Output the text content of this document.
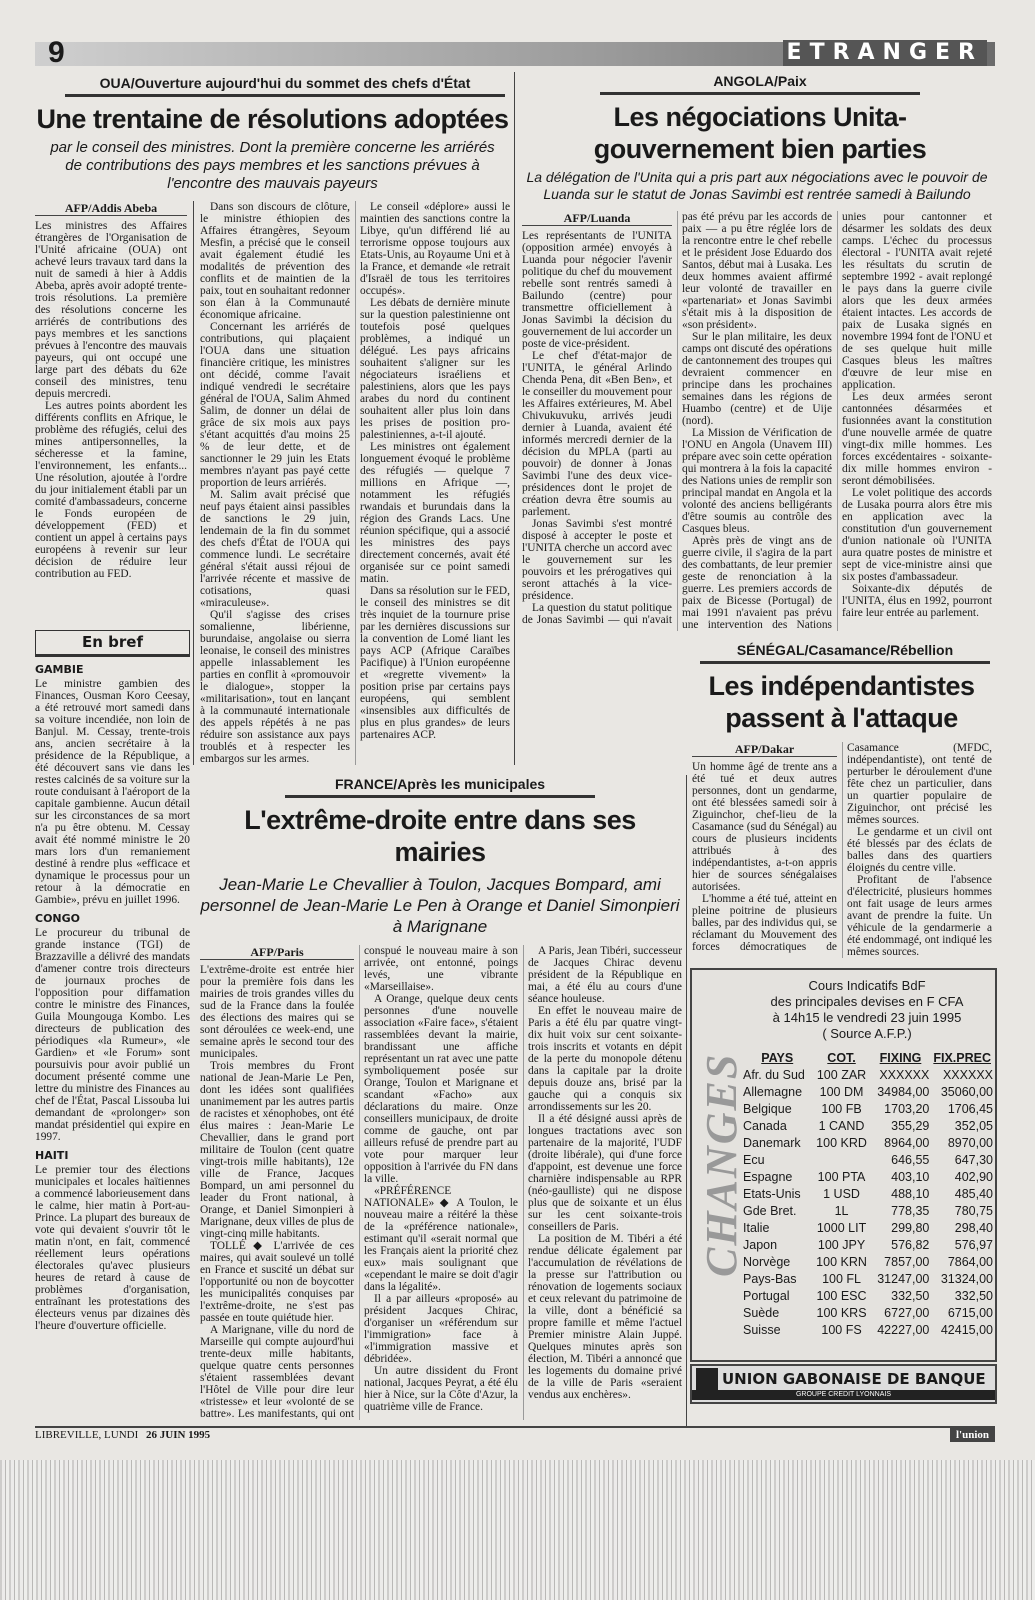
9	ETRANGER
OUA/Ouverture aujourd'hui du sommet des chefs d'État
Une trentaine de résolutions adoptées
par le conseil des ministres. Dont la première concerne les arriérés de contributions des pays membres et les sanctions prévues à l'encontre des mauvais payeurs
AFP/Addis Abeba

Les ministres des Affaires étrangères de l'Organisation de l'Unité africaine (OUA) ont achevé leurs travaux tard dans la nuit de samedi à hier à Addis Abeba, après avoir adopté trente-trois résolutions. La première des résolutions concerne les arriérés de contributions des pays membres et les sanctions prévues à l'encontre des mauvais payeurs, qui ont occupé une large part des débats du 62e conseil des ministres, tenu depuis mercredi.

Les autres points abordent les différents conflits en Afrique, le problème des réfugiés, celui des mines antipersonnelles, la sécheresse et la famine, l'environnement, les enfants... Une résolution, ajoutée à l'ordre du jour initialement établi par un comité d'ambassadeurs, concerne le Fonds européen de développement (FED) et contient un appel à certains pays européens à revenir sur leur décision de réduire leur contribution au FED.

Dans son discours de clôture, le ministre éthiopien des Affaires étrangères, Seyoum Mesfin, a précisé que le conseil avait également étudié les modalités de prévention des conflits et de maintien de la paix, tout en souhaitant redonner son élan à la Communauté économique africaine.

Concernant les arriérés de contributions, qui plaçaient l'OUA dans une situation financière critique, les ministres ont décidé, comme l'avait indiqué vendredi le secrétaire général de l'OUA, Salim Ahmed Salim, de donner un délai de grâce de six mois aux pays s'étant acquittés d'au moins 25 % de leur dette, et de sanctionner le 29 juin les Etats membres n'ayant pas payé cette proportion de leurs arriérés.

M. Salim avait précisé que neuf pays étaient ainsi passibles de sanctions le 29 juin, lendemain de la fin du sommet des chefs d'État de l'OUA qui commence lundi. Le secrétaire général s'était aussi réjoui de l'arrivée récente et massive de cotisations, quasi «miraculeuse».

Qu'il s'agisse des crises somalienne, libérienne, burundaise, angolaise ou sierra leonaise, le conseil des ministres appelle inlassablement les parties en conflit à «promouvoir le dialogue», stopper la «militarisation», tout en lançant à la communauté internationale des appels répétés à ne pas réduire son assistance aux pays troublés et à respecter les embargos sur les armes.

Le conseil «déplore» aussi le maintien des sanctions contre la Libye, qu'un différend lié au terrorisme oppose toujours aux Etats-Unis, au Royaume Uni et à la France, et demande «le retrait d'Israël de tous les territoires occupés».

Les débats de dernière minute sur la question palestinienne ont toutefois posé quelques problèmes, a indiqué un délégué. Les pays africains souhaitent s'aligner sur les négociateurs israéliens et palestiniens, alors que les pays arabes du nord du continent souhaitent aller plus loin dans les prises de position pro-palestiniennes, a-t-il ajouté.

Les ministres ont également longuement évoqué le problème des réfugiés — quelque 7 millions en Afrique —, notamment les réfugiés rwandais et burundais dans la région des Grands Lacs. Une réunion spécifique, qui a associé les ministres des pays directement concernés, avait été organisée sur ce point samedi matin.

Dans sa résolution sur le FED, le conseil des ministres se dit très inquiet de la tournure prise par les dernières discussions sur la convention de Lomé liant les pays ACP (Afrique Caraïbes Pacifique) à l'Union européenne et «regrette vivement» la position prise par certains pays européens, qui semblent «insensibles aux difficultés de plus en plus grandes» de leurs partenaires ACP.

En bref
GAMBIE

Le ministre gambien des Finances, Ousman Koro Ceesay, a été retrouvé mort samedi dans sa voiture incendiée, non loin de Banjul. M. Cessay, trente-trois ans, ancien secrétaire à la présidence de la République, a été découvert sans vie dans les restes calcinés de sa voiture sur la route conduisant à l'aéroport de la capitale gambienne. Aucun détail sur les circonstances de sa mort n'a pu être obtenu. M. Cessay avait été nommé ministre le 20 mars lors d'un remaniement destiné à rendre plus «efficace et dynamique le processus pour un retour à la démocratie en Gambie», prévu en juillet 1996.

CONGO

Le procureur du tribunal de grande instance (TGI) de Brazzaville a délivré des mandats d'amener contre trois directeurs de journaux proches de l'opposition pour diffamation contre le ministre des Finances, Guila Moungouga Kombo. Les directeurs de publication des périodiques «la Rumeur», «le Gardien» et «le Forum» sont poursuivis pour avoir publié un document présenté comme une lettre du ministre des Finances au chef de l'État, Pascal Lissouba lui demandant de «prolonger» son mandat présidentiel qui expire en 1997.

HAITI

Le premier tour des élections municipales et locales haïtiennes a commencé laborieusement dans le calme, hier matin à Port-au-Prince. La plupart des bureaux de vote qui devaient s'ouvrir tôt le matin n'ont, en fait, commencé réellement leurs opérations électorales qu'avec plusieurs heures de retard à cause de problèmes d'organisation, entraînant les protestations des électeurs venus par dizaines dès l'heure d'ouverture officielle.

ANGOLA/Paix
Les négociations Unita-gouvernement bien parties
La délégation de l'Unita qui a pris part aux négociations avec le pouvoir de Luanda sur le statut de Jonas Savimbi est rentrée samedi à Bailundo
AFP/Luanda

Les représentants de l'UNITA (opposition armée) envoyés à Luanda pour négocier l'avenir politique du chef du mouvement rebelle sont rentrés samedi à Bailundo (centre) pour transmettre officiellement à Jonas Savimbi la décision du gouvernement de lui accorder un poste de vice-président.

Le chef d'état-major de l'UNITA, le général Arlindo Chenda Pena, dit «Ben Ben», et le conseiller du mouvement pour les Affaires extérieures, M. Abel Chivukuvuku, arrivés jeudi dernier à Luanda, avaient été informés mercredi dernier de la décision du MPLA (parti au pouvoir) de donner à Jonas Savimbi l'une des deux vice-présidences dont le projet de création devra être soumis au parlement.

Jonas Savimbi s'est montré disposé à accepter le poste et l'UNITA cherche un accord avec le gouvernement sur les pouvoirs et les prérogatives qui seront attachés à la vice-présidence.

La question du statut politique de Jonas Savimbi — qui n'avait pas été prévu par les accords de paix — a pu être réglée lors de la rencontre entre le chef rebelle et le président Jose Eduardo dos Santos, début mai à Lusaka. Les deux hommes avaient affirmé leur volonté de travailler en «partenariat» et Jonas Savimbi s'était mis à la disposition de «son président».

Sur le plan militaire, les deux camps ont discuté des opérations de cantonnement des troupes qui devraient commencer en principe dans les prochaines semaines dans les régions de Huambo (centre) et de Uije (nord).

La Mission de Vérification de l'ONU en Angola (Unavem III) prépare avec soin cette opération qui montrera à la fois la capacité des Nations unies de remplir son principal mandat en Angola et la volonté des anciens belligérants d'être soumis au contrôle des Casques bleus.

Après près de vingt ans de guerre civile, il s'agira de la part des combattants, de leur premier geste de renonciation à la guerre. Les premiers accords de paix de Bicesse (Portugal) de mai 1991 n'avaient pas prévu une intervention des Nations unies pour cantonner et désarmer les soldats des deux camps. L'échec du processus électoral - l'UNITA avait rejeté les résultats du scrutin de septembre 1992 - avait replongé le pays dans la guerre civile alors que les deux armées étaient intactes. Les accords de paix de Lusaka signés en novembre 1994 font de l'ONU et de ses quelque huit mille Casques bleus les maîtres d'œuvre de leur mise en application.

Les deux armées seront cantonnées désarmées et fusionnées avant la constitution d'une nouvelle armée de quatre vingt-dix mille hommes. Les forces excédentaires - soixante-dix mille hommes environ - seront démobilisées.

Le volet politique des accords de Lusaka pourra alors être mis en application avec la constitution d'un gouvernement d'union nationale où l'UNITA aura quatre postes de ministre et sept de vice-ministre ainsi que six postes d'ambassadeur.

Soixante-dix députés de l'UNITA, élus en 1992, pourront faire leur entrée au parlement.

SÉNÉGAL/Casamance/Rébellion
Les indépendantistes passent à l'attaque
AFP/Dakar

Un homme âgé de trente ans a été tué et deux autres personnes, dont un gendarme, ont été blessées samedi soir à Ziguinchor, chef-lieu de la Casamance (sud du Sénégal) au cours de plusieurs incidents attribués à des indépendantistes, a-t-on appris hier de sources sénégalaises autorisées.

L'homme a été tué, atteint en pleine poitrine de plusieurs balles, par des individus qui, se réclamant du Mouvement des forces démocratiques de Casamance (MFDC, indépendantiste), ont tenté de perturber le déroulement d'une fête chez un particulier, dans un quartier populaire de Ziguinchor, ont précisé les mêmes sources.

Le gendarme et un civil ont été blessés par des éclats de balles dans des quartiers éloignés du centre ville.

Profitant de l'absence d'électricité, plusieurs hommes ont fait usage de leurs armes avant de prendre la fuite. Un véhicule de la gendarmerie a été endommagé, ont indiqué les mêmes sources.

FRANCE/Après les municipales
L'extrême-droite entre dans ses mairies
Jean-Marie Le Chevallier à Toulon, Jacques Bompard, ami personnel de Jean-Marie Le Pen à Orange et Daniel Simonpieri à Marignane
AFP/Paris

L'extrême-droite est entrée hier pour la première fois dans les mairies de trois grandes villes du sud de la France dans la foulée des élections des maires qui se sont déroulées ce week-end, une semaine après le second tour des municipales.

Trois membres du Front national de Jean-Marie Le Pen, dont les idées sont qualifiées unanimement par les autres partis de racistes et xénophobes, ont été élus maires : Jean-Marie Le Chevallier, dans le grand port militaire de Toulon (cent quatre vingt-trois mille habitants), 12e ville de France, Jacques Bompard, un ami personnel du leader du Front national, à Orange, et Daniel Simonpieri à Marignane, deux villes de plus de vingt-cinq mille habitants.

TOLLÉ ◆ L'arrivée de ces maires, qui avait soulevé un tollé en France et suscité un débat sur l'opportunité ou non de boycotter les municipalités conquises par l'extrême-droite, ne s'est pas passée en toute quiétude hier.

A Marignane, ville du nord de Marseille qui compte aujourd'hui trente-deux mille habitants, quelque quatre cents personnes s'étaient rassemblées devant l'Hôtel de Ville pour dire leur «tristesse» et leur «volonté de se battre». Les manifestants, qui ont conspué le nouveau maire à son arrivée, ont entonné, poings levés, une vibrante «Marseillaise».

A Orange, quelque deux cents personnes d'une nouvelle association «Faire face», s'étaient rassemblées devant la mairie, brandissant une affiche représentant un rat avec une patte symboliquement posée sur Orange, Toulon et Marignane et scandant «Facho» aux déclarations du maire. Onze conseillers municipaux, de droite comme de gauche, ont par ailleurs refusé de prendre part au vote pour marquer leur opposition à l'arrivée du FN dans la ville.

«PRÉFÉRENCE NATIONALE» ◆ A Toulon, le nouveau maire a réitéré la thèse de la «préférence nationale», estimant qu'il «serait normal que les Français aient la priorité chez eux» mais soulignant que «cependant le maire se doit d'agir dans la légalité».

Il a par ailleurs «proposé» au président Jacques Chirac, d'organiser un «référendum sur l'immigration» face à «l'immigration massive et débridée».

Un autre dissident du Front national, Jacques Peyrat, a été élu hier à Nice, sur la Côte d'Azur, la quatrième ville de France.

A Paris, Jean Tibéri, successeur de Jacques Chirac devenu président de la République en mai, a été élu au cours d'une séance houleuse.

En effet le nouveau maire de Paris a été élu par quatre vingt-dix huit voix sur cent soixante-trois inscrits et votants en dépit de la perte du monopole détenu dans la capitale par la droite depuis douze ans, brisé par la gauche qui a conquis six arrondissements sur les 20.

Il a été désigné aussi après de longues tractations avec son partenaire de la majorité, l'UDF (droite libérale), qui d'une force d'appoint, est devenue une force charnière indispensable au RPR (néo-gaulliste) qui ne dispose plus que de soixante et un élus sur les cent soixante-trois conseillers de Paris.

La position de M. Tibéri a été rendue délicate également par l'accumulation de révélations de la presse sur l'attribution ou rénovation de logements sociaux et ceux relevant du patrimoine de la ville, dont a bénéficié sa propre famille et même l'actuel Premier ministre Alain Juppé. Quelques minutes après son élection, M. Tibéri a annoncé que les logements du domaine privé de la ville de Paris «seraient vendus aux enchères».

CHANGES
Cours Indicatifs BdF
des principales devises en F CFA
à 14h15 le vendredi 23 juin 1995
( Source A.F.P.)
PAYS	COT.	FIXING	FIX.PREC
Afr. du Sud	100 ZAR	XXXXXX	XXXXXX
Allemagne	100 DM	34984,00	35060,00
Belgique	100 FB	1703,20	1706,45
Canada	1 CAND	355,29	352,05
Danemark	100 KRD	8964,00	8970,00
Ecu		646,55	647,30
Espagne	100 PTA	403,10	402,90
Etats-Unis	1 USD	488,10	485,40
Gde Bret.	1L	778,35	780,75
Italie	1000 LIT	299,80	298,40
Japon	100 JPY	576,82	576,97
Norvège	100 KRN	7857,00	7864,00
Pays-Bas	100 FL	31247,00	31324,00
Portugal	100 ESC	332,50	332,50
Suède	100 KRS	6727,00	6715,00
Suisse	100 FS	42227,00	42415,00
UNION GABONAISE DE BANQUE
GROUPE CREDIT LYONNAIS
LIBREVILLE, LUNDI 26 JUIN 1995	l'union
